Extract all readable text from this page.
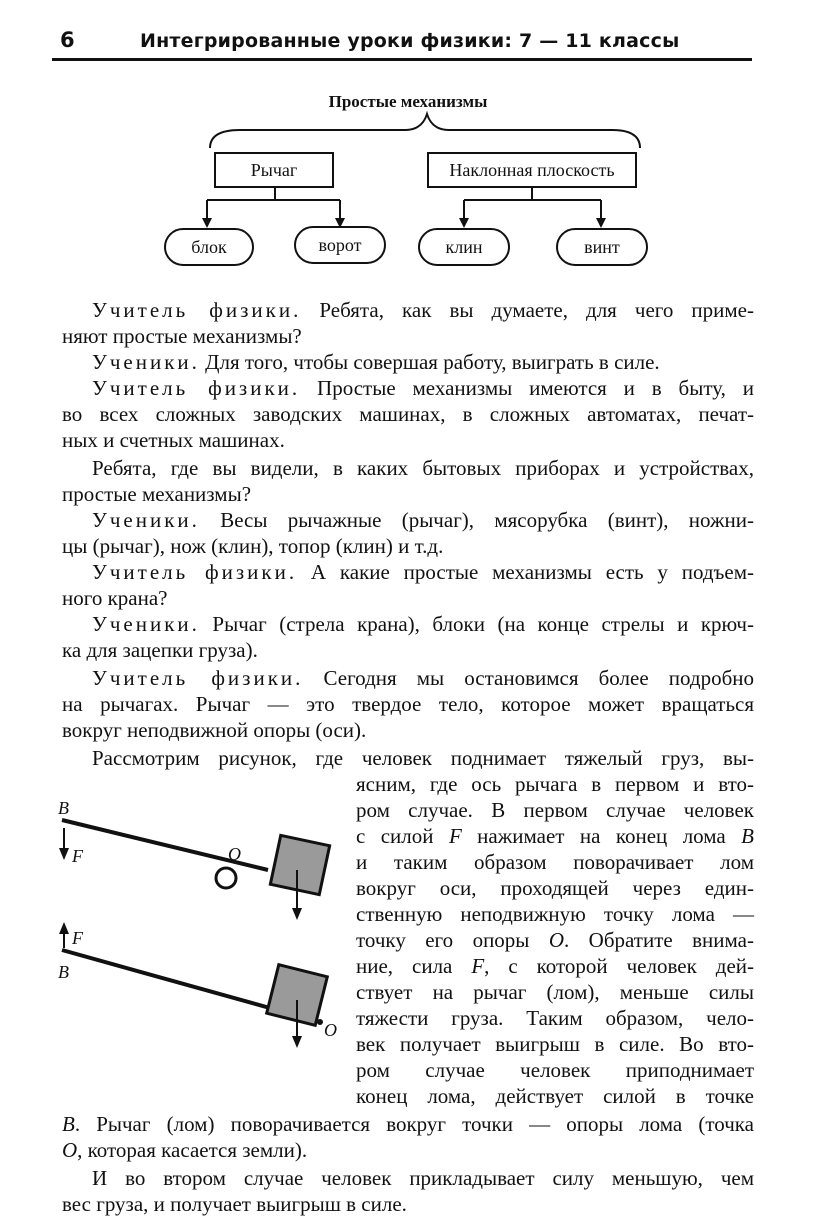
6	Интегрированные уроки физики: 7 — 11 классы
Простые механизмы
Рычаг	Наклонная плоскость
блок	ворот	клин	винт

Учитель физики. Ребята, как вы думаете, для чего приме-

няют простые механизмы?

Ученики. Для того, чтобы совершая работу, выиграть в силе.

Учитель физики. Простые механизмы имеются и в быту, и

во всех сложных заводских машинах, в сложных автоматах, печат-

ных и счетных машинах.

Ребята, где вы видели, в каких бытовых приборах и устройствах,

простые механизмы?

Ученики. Весы рычажные (рычаг), мясорубка (винт), ножни-

цы (рычаг), нож (клин), топор (клин) и т.д.

Учитель физики. А какие простые механизмы есть у подъем-

ного крана?

Ученики. Рычаг (стрела крана), блоки (на конце стрелы и крюч-

ка для зацепки груза).

Учитель физики. Сегодня мы остановимся более подробно

на рычагах. Рычаг — это твердое тело, которое может вращаться

вокруг неподвижной опоры (оси).

Рассмотрим рисунок, где человек поднимает тяжелый груз, вы-

ясним, где ось рычага в первом и вто-

ром случае. В первом случае человек

с силой F нажимает на конец лома B

и таким образом поворачивает лом

вокруг оси, проходящей через един-

ственную неподвижную точку лома —

точку его опоры O. Обратите внима-

ние, сила F, с которой человек дей-

ствует на рычаг (лом), меньше силы

тяжести груза. Таким образом, чело-

век получает выигрыш в силе. Во вто-

ром случае человек приподнимает

конец лома, действует силой в точке

B. Рычаг (лом) поворачивается вокруг точки — опоры лома (точка

O, которая касается земли).

И во втором случае человек прикладывает силу меньшую, чем

вес груза, и получает выигрыш в силе.

B
F	O
F
B
O
